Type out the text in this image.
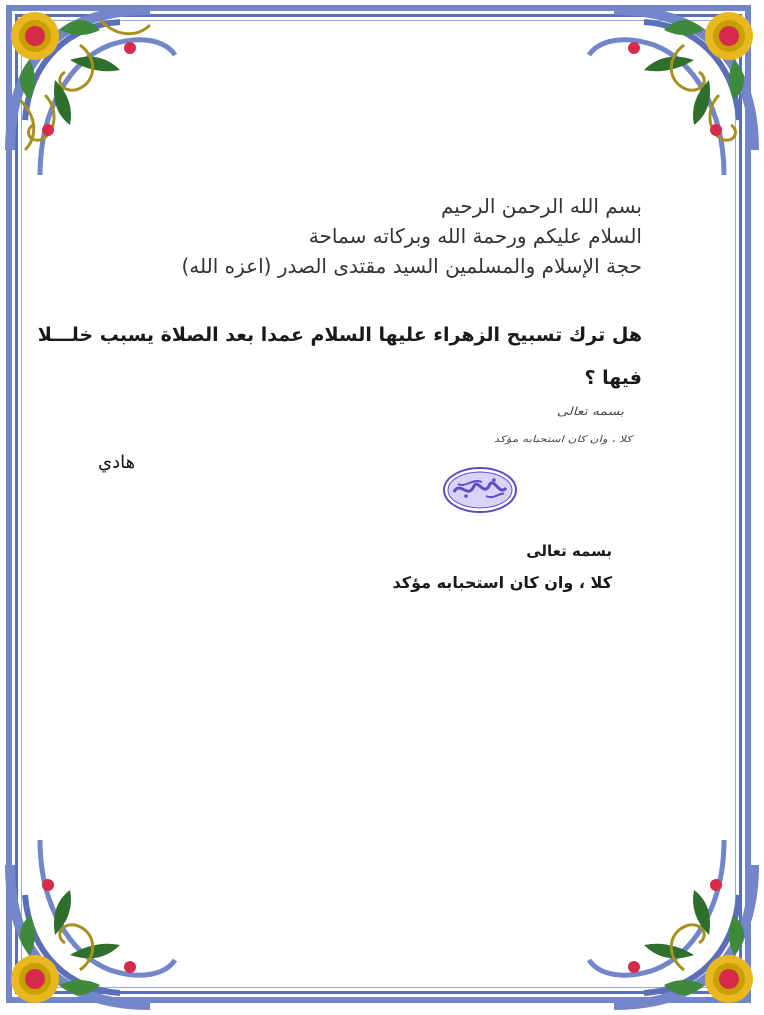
بسم الله الرحمن الرحيم
السلام عليكم ورحمة الله وبركاته سماحة
حجة الإسلام والمسلمين السيد مقتدى الصدر (اعزه الله)
هل ترك تسبيح الزهراء عليها السلام عمدا بعد الصلاة يسبب خلـــلا
فيها ؟
هادي
بسمه تعالى
كلا ، وان كان استحبابه مؤكد
بسمه تعالى
كلا ، وان كان استحبابه مؤكد
